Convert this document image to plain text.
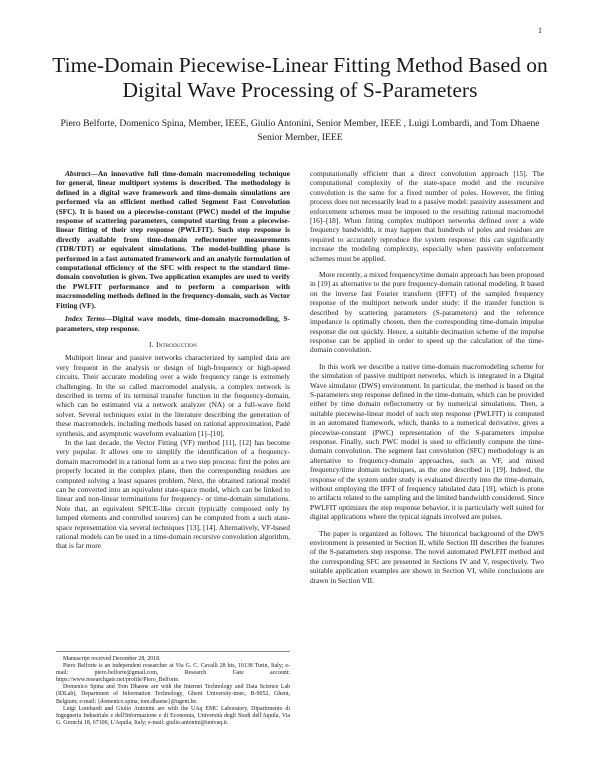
1
Time-Domain Piecewise-Linear Fitting Method Based on Digital Wave Processing of S-Parameters
Piero Belforte, Domenico Spina, Member, IEEE, Giulio Antonini, Senior Member, IEEE , Luigi Lombardi, and Tom Dhaene Senior Member, IEEE

Abstract—An innovative full time-domain macromodeling technique for general, linear multiport systems is described. The methodology is defined in a digital wave framework and time-domain simulations are performed via an efficient method called Segment Fast Convolution (SFC). It is based on a piecewise-constant (PWC) model of the impulse response of scattering parameters, computed starting from a piecewise-linear fitting of their step response (PWLFIT). Such step response is directly available from time-domain reflectometer measurements (TDR/TDT) or equivalent simulations. The model-building phase is performed in a fast automated framework and an analytic formulation of computational efficiency of the SFC with respect to the standard time-domain convolution is given. Two application examples are used to verify the PWLFIT performance and to perform a comparison with macromodeling methods defined in the frequency-domain, such as Vector Fitting (VF).

Index Terms—Digital wave models, time-domain macromodeling, S-parameters, step response.

I. Introduction

Multiport linear and passive networks characterized by sampled data are very frequent in the analysis or design of high-frequency or high-speed circuits. Their accurate modeling over a wide frequency range is extremely challenging. In the so called macromodel analysis, a complex network is described in terms of its terminal transfer function in the frequency-domain, which can be estimated via a network analyzer (NA) or a full-wave field solver. Several techniques exist in the literature describing the generation of these macromodels, including methods based on rational approximation, Padé synthesis, and asymptotic waveform evaluation [1]–[10].

In the last decade, the Vector Fitting (VF) method [11], [12] has become very popular. It allows one to simplify the identification of a frequency-domain macromodel in a rational form as a two step process: first the poles are properly located in the complex plane, then the corresponding residues are computed solving a least squares problem. Next, the obtained rational model can be converted into an equivalent state-space model, which can be linked to linear and non-linear terminations for frequency- or time-domain simulations. Note that, an equivalent SPICE-like circuit (typically composed only by lumped elements and controlled sources) can be computed from a such state-space representation via several techniques [13], [14]. Alternatively, VF-based rational models can be used in a time-domain recursive convolution algorithm, that is far more

Manuscript received December 28, 2018.

Piero Belforte is an independent researcher at Via G. C. Cavalli 28 bis, 10138 Turin, Italy; e-mail: piero.belforte@gmail.com, Research Gate account: https://www.researchgate.net/profile/Piero_Belforte.

Domenico Spina and Tom Dhaene are with the Internet Technology and Data Science Lab (IDLab), Department of Information Technology, Ghent University-imec, B-9052, Ghent, Belgium; e-mail: {domenico.spina, tom.dhaene}@ugent.be.

Luigi Lombardi and Giulio Antonini are with the UAq EMC Laboratory, Dipartimento di Ingegneria Industriale e dell'Informazione e di Economia, Università degli Studi dell'Aquila, Via G. Gronchi 18, 67100, L'Aquila, Italy; e-mail: giulio.antonini@univaq.it.

computationally efficient than a direct convolution approach [15]. The computational complexity of the state-space model and the recursive convolution is the same for a fixed number of poles. However, the fitting process does not necessarily lead to a passive model: passivity assessment and enforcement schemes must be imposed to the resulting rational macromodel [16]–[18]. When fitting complex multiport networks defined over a wide frequency bandwidth, it may happen that hundreds of poles and residues are required to accurately reproduce the system response: this can significantly increase the modeling complexity, especially when passivity enforcement schemes must be applied.

More recently, a mixed frequency/time domain approach has been proposed in [19] as alternative to the pure frequency-domain rational modeling. It based on the inverse fast Fourier transform (IFFT) of the sampled frequency response of the multiport network under study: if the transfer function is described by scattering parameters (S-parameters) and the reference impedance is optimally chosen, then the corresponding time-domain impulse response die out quickly. Hence, a suitable decimation scheme of the impulse response can be applied in order to speed up the calculation of the time-domain convolution.

In this work we describe a native time-domain macromodeling scheme for the simulation of passive multiport networks, which is integrated in a Digital Wave simulator (DWS) environment. In particular, the method is based on the S-parameters step response defined in the time-domain, which can be provided either by time domain reflectometry or by numerical simulations. Then, a suitable piecewise-linear model of such step response (PWLFIT) is computed in an automated framework, which, thanks to a numerical derivative, gives a piecewise-constant (PWC) representation of the S-parameters impulse response. Finally, such PWC model is used to efficiently compute the time-domain convolution. The segment fast convolution (SFC) methodology is an alternative to frequency-domain approaches, such as VF, and mixed frequency/time domain techniques, as the one described in [19]. Indeed, the response of the system under study is evaluated directly into the time-domain, without employing the IFFT of frequency tabulated data [19], which is prone to artifacts related to the sampling and the limited bandwidth considered. Since PWLFIT optimizes the step response behavior, it is particularly well suited for digital applications where the typical signals involved are pulses.

The paper is organized as follows. The historical background of the DWS environment is presented in Section II, while Section III describes the features of the S-parameters step response. The novel automated PWLFIT method and the corresponding SFC are presented in Sections IV and V, respectively. Two suitable application examples are shown in Section VI, while conclusions are drawn in Section VII.
